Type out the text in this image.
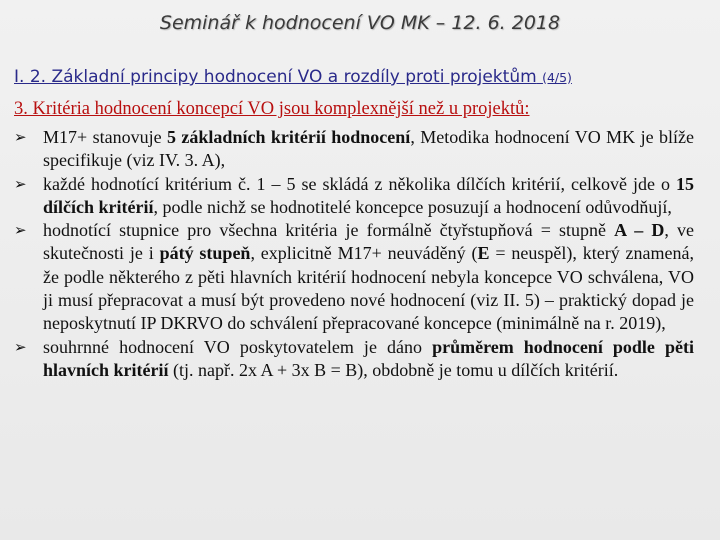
Seminář k hodnocení VO MK – 12. 6. 2018
I. 2. Základní principy hodnocení VO a rozdíly proti projektům (4/5)
3. Kritéria hodnocení koncepcí VO jsou komplexnější než u projektů:
➢ M17+ stanovuje 5 základních kritérií hodnocení, Metodika hodnocení VO MK je blíže specifikuje (viz IV. 3. A),
➢ každé hodnotící kritérium č. 1 – 5 se skládá z několika dílčích kritérií, celkově jde o 15 dílčích kritérií, podle nichž se hodnotitelé koncepce posuzují a hodnocení odůvodňují,
➢ hodnotící stupnice pro všechna kritéria je formálně čtyřstupňová = stupně A – D, ve skutečnosti je i pátý stupeň, explicitně M17+ neuváděný (E = neuspěl), který znamená, že podle některého z pěti hlavních kritérií hodnocení nebyla koncepce VO schválena, VO ji musí přepracovat a musí být provedeno nové hodnocení (viz II. 5) – praktický dopad je neposkytnutí IP DKRVO do schválení přepracované koncepce (minimálně na r. 2019),
➢ souhrnné hodnocení VO poskytovatelem je dáno průměrem hodnocení podle pěti hlavních kritérií (tj. např. 2x A + 3x B = B), obdobně je tomu u dílčích kritérií.
